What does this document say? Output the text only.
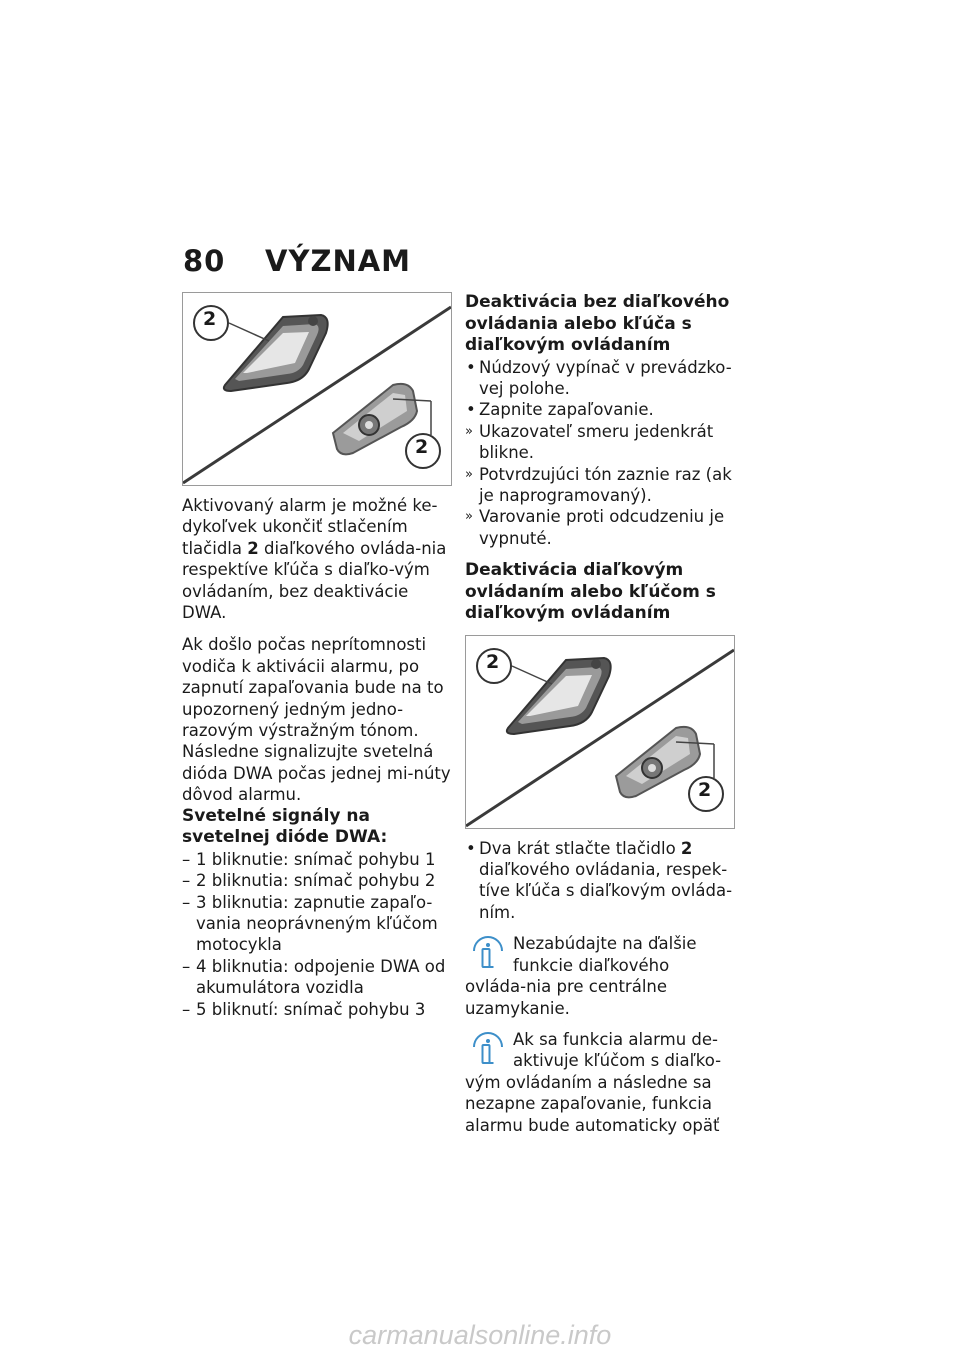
80 VÝZNAM
2
2

Aktivovaný alarm je možné ke-dykoľvek ukončiť stlačením tlačidla 2 diaľkového ovláda-nia respektíve kľúča s diaľko-vým ovládaním, bez deaktivácie DWA.

Ak došlo počas neprítomnosti vodiča k aktivácii alarmu, po zapnutí zapaľovania bude na to upozornený jedným jedno-razovým výstražným tónom. Následne signalizujte svetelná dióda DWA počas jednej mi-núty dôvod alarmu.

Svetelné signály na svetelnej dióde DWA:

– 1 bliknutie: snímač pohybu 1
– 2 bliknutia: snímač pohybu 2
– 3 bliknutia: zapnutie zapaľo-vania neoprávneným kľúčom motocykla
– 4 bliknutia: odpojenie DWA od akumulátora vozidla
– 5 bliknutí: snímač pohybu 3

Deaktivácia bez diaľkového ovládania alebo kľúča s diaľkovým ovládaním

• Núdzový vypínač v prevádzko-vej polohe.
• Zapnite zapaľovanie.
» Ukazovateľ smeru jedenkrát blikne.
» Potvrdzujúci tón zaznie raz (ak je naprogramovaný).
» Varovanie proti odcudzeniu je vypnuté.

Deaktivácia diaľkovým ovládaním alebo kľúčom s diaľkovým ovládaním

2
2
• Dva krát stlačte tlačidlo 2 diaľkového ovládania, respek-tíve kľúča s diaľkovým ovláda-ním.

Nezabúdajte na ďalšie funkcie diaľkového ovláda-nia pre centrálne uzamykanie.

Ak sa funkcia alarmu de-aktivuje kľúčom s diaľko-vým ovládaním a následne sa nezapne zapaľovanie, funkcia alarmu bude automaticky opäť

carmanualsonline.info
